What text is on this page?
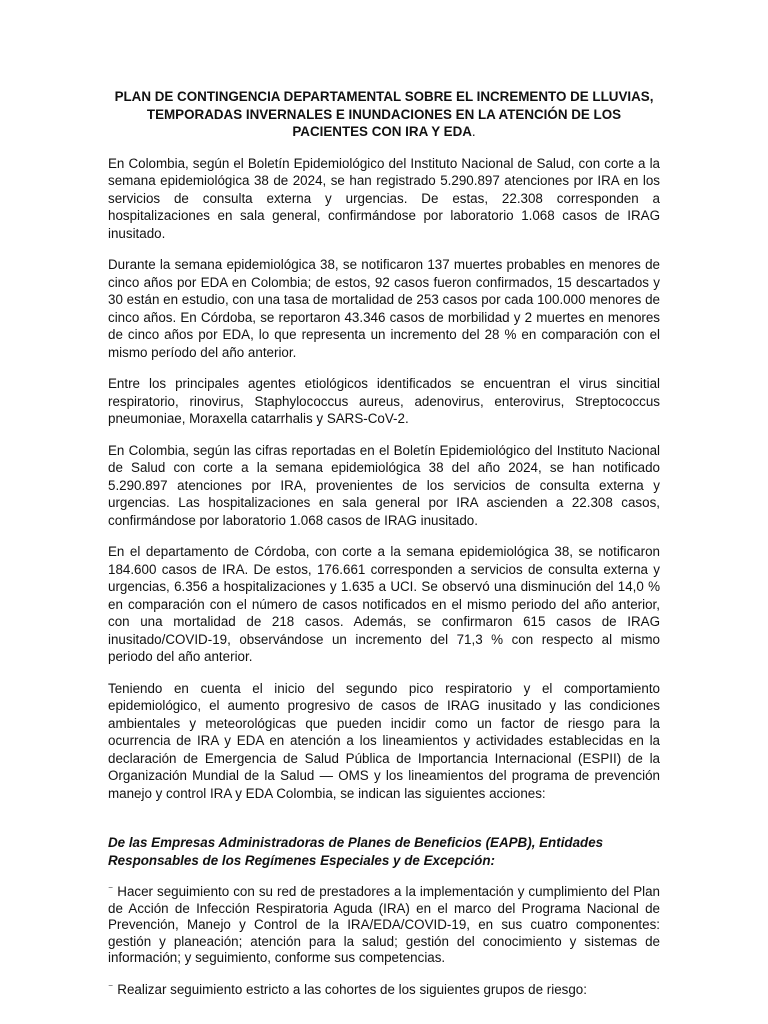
PLAN DE CONTINGENCIA DEPARTAMENTAL SOBRE EL INCREMENTO DE LLUVIAS, TEMPORADAS INVERNALES E INUNDACIONES EN LA ATENCIÓN DE LOS PACIENTES CON IRA Y EDA.

En Colombia, según el Boletín Epidemiológico del Instituto Nacional de Salud, con corte a la semana epidemiológica 38 de 2024, se han registrado 5.290.897 atenciones por IRA en los servicios de consulta externa y urgencias. De estas, 22.308 corresponden a hospitalizaciones en sala general, confirmándose por laboratorio 1.068 casos de IRAG inusitado.

Durante la semana epidemiológica 38, se notificaron 137 muertes probables en menores de cinco años por EDA en Colombia; de estos, 92 casos fueron confirmados, 15 descartados y 30 están en estudio, con una tasa de mortalidad de 253 casos por cada 100.000 menores de cinco años. En Córdoba, se reportaron 43.346 casos de morbilidad y 2 muertes en menores de cinco años por EDA, lo que representa un incremento del 28 % en comparación con el mismo período del año anterior.

Entre los principales agentes etiológicos identificados se encuentran el virus sincitial respiratorio, rinovirus, Staphylococcus aureus, adenovirus, enterovirus, Streptococcus pneumoniae, Moraxella catarrhalis y SARS-CoV-2.

En Colombia, según las cifras reportadas en el Boletín Epidemiológico del Instituto Nacional de Salud con corte a la semana epidemiológica 38 del año 2024, se han notificado 5.290.897 atenciones por IRA, provenientes de los servicios de consulta externa y urgencias. Las hospitalizaciones en sala general por IRA ascienden a 22.308 casos, confirmándose por laboratorio 1.068 casos de IRAG inusitado.

En el departamento de Córdoba, con corte a la semana epidemiológica 38, se notificaron 184.600 casos de IRA. De estos, 176.661 corresponden a servicios de consulta externa y urgencias, 6.356 a hospitalizaciones y 1.635 a UCI. Se observó una disminución del 14,0 % en comparación con el número de casos notificados en el mismo periodo del año anterior, con una mortalidad de 218 casos. Además, se confirmaron 615 casos de IRAG inusitado/COVID-19, observándose un incremento del 71,3 % con respecto al mismo periodo del año anterior.

Teniendo en cuenta el inicio del segundo pico respiratorio y el comportamiento epidemiológico, el aumento progresivo de casos de IRAG inusitado y las condiciones ambientales y meteorológicas que pueden incidir como un factor de riesgo para la ocurrencia de IRA y EDA en atención a los lineamientos y actividades establecidas en la declaración de Emergencia de Salud Pública de Importancia Internacional (ESPII) de la Organización Mundial de la Salud — OMS y los lineamientos del programa de prevención manejo y control IRA y EDA Colombia, se indican las siguientes acciones:

De las Empresas Administradoras de Planes de Beneficios (EAPB), Entidades Responsables de los Regímenes Especiales y de Excepción:

⁻ Hacer seguimiento con su red de prestadores a la implementación y cumplimiento del Plan de Acción de Infección Respiratoria Aguda (IRA) en el marco del Programa Nacional de Prevención, Manejo y Control de la IRA/EDA/COVID-19, en sus cuatro componentes: gestión y planeación; atención para la salud; gestión del conocimiento y sistemas de información; y seguimiento, conforme sus competencias.

⁻ Realizar seguimiento estricto a las cohortes de los siguientes grupos de riesgo:
